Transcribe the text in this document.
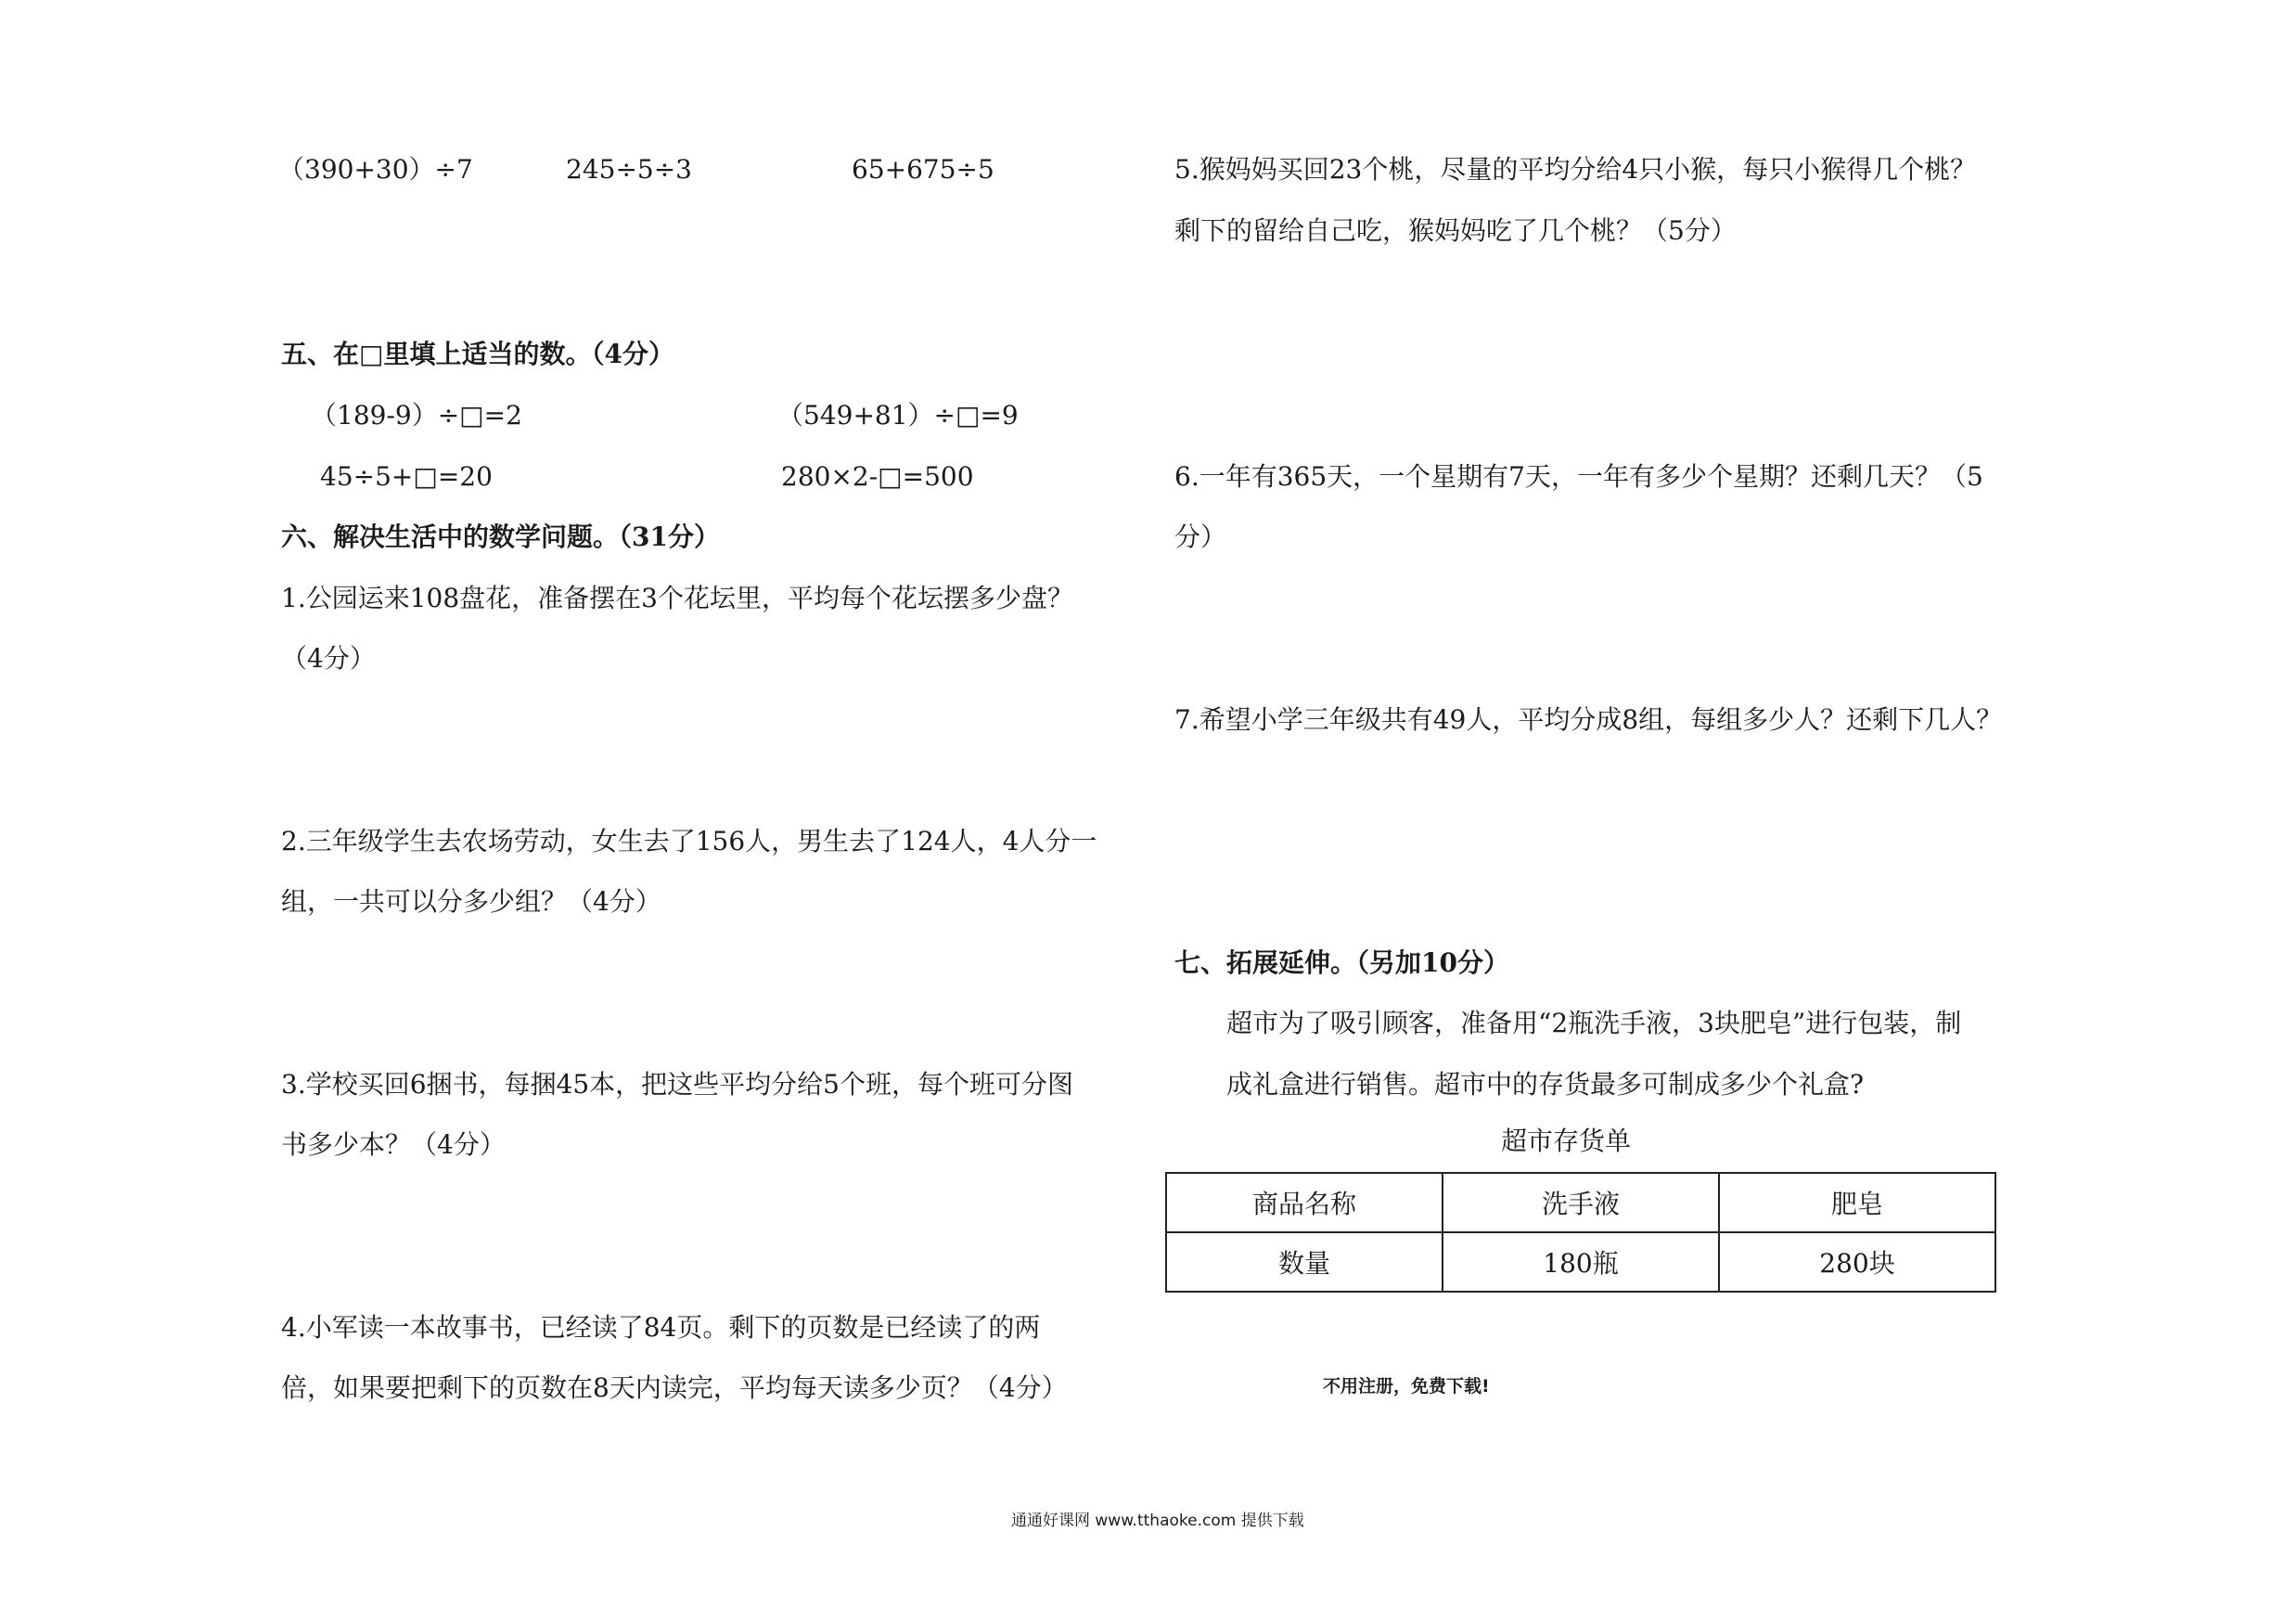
（390+30）÷7	245÷5÷3	65+675÷5
五、在□里填上适当的数。（4分）
（189-9）÷□=2	（549+81）÷□=9
45÷5+□=20	280×2-□=500
六、解决生活中的数学问题。（31分）
1.公园运来108盘花，准备摆在3个花坛里，平均每个花坛摆多少盘？
（4分）
2.三年级学生去农场劳动，女生去了156人，男生去了124人，4人分一
组，一共可以分多少组？（4分）
3.学校买回6捆书，每捆45本，把这些平均分给5个班，每个班可分图
书多少本？（4分）
4.小军读一本故事书，已经读了84页。剩下的页数是已经读了的两
倍，如果要把剩下的页数在8天内读完，平均每天读多少页？（4分）
5.猴妈妈买回23个桃，尽量的平均分给4只小猴，每只小猴得几个桃？
剩下的留给自己吃，猴妈妈吃了几个桃？（5分）
6.一年有365天，一个星期有7天，一年有多少个星期？还剩几天？（5
分）
7.希望小学三年级共有49人，平均分成8组，每组多少人？还剩下几人？
七、拓展延伸。（另加10分）
超市为了吸引顾客，准备用“2瓶洗手液，3块肥皂”进行包装，制
成礼盒进行销售。超市中的存货最多可制成多少个礼盒?
超市存货单
商品名称	洗手液	肥皂
数量	180瓶	280块
不用注册，免费下载!
通通好课网 www.tthaoke.com 提供下载
